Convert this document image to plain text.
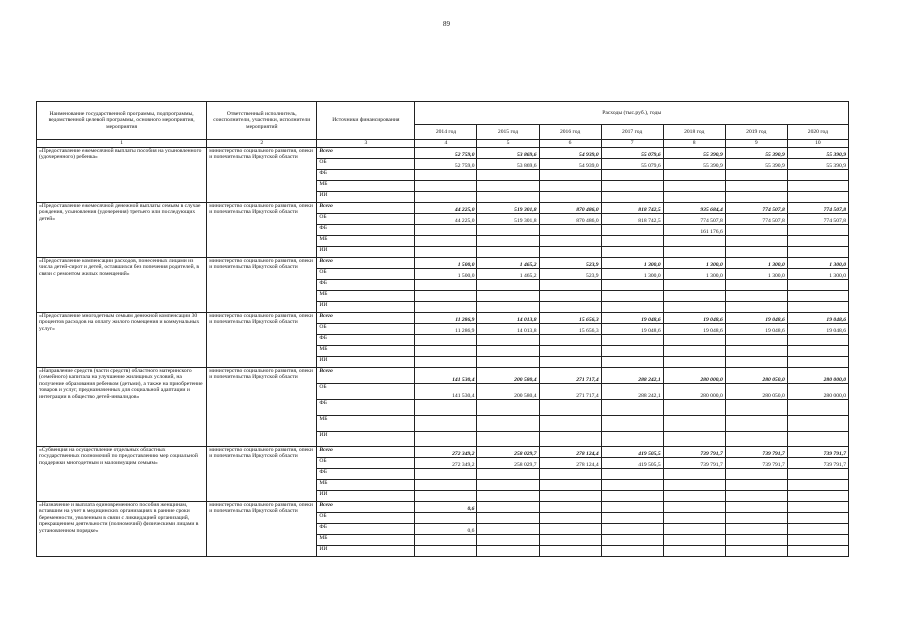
89
Наименование государственной программы, подпрограммы, ведомственной целевой программы, основного мероприятия, мероприятия	Ответственный исполнитель, соисполнители, участники, исполнители мероприятий	Источники финансирования	Расходы (тыс.руб.), годы						
			2014 год	2015 год	2016 год	2017 год	2018 год	2019 год	2020 год
1	2	3	4	5	6	7	8	9	10
«Предоставление ежемесячной выплаты пособия на усыновленного (удочеренного) ребенка»	министерство социального развития, опеки и попечительства Иркутской области	Всего	52 759,0	53 869,6	54 939,0	55 079,6	55 390,9	55 390,9	55 390,9
		ОБ	52 759,0	53 869,6	54 939,0	55 079,6	55 390,9	55 390,9	55 390,9
		ФБ							
		МБ							
		ИИ							
«Предоставление ежемесячной денежной выплаты семьям в случае рождения, усыновления (удочерения) третьего или последующих детей»	министерство социального развития, опеки и попечительства Иркутской области	Всего	44 225,0	519 301,8	870 486,0	818 742,5	935 684,4	774 507,8	774 507,8
		ОБ	44 225,0	519 301,8	870 486,0	818 742,5	774 507,8	774 507,8	774 507,8
		ФБ					161 176,6		
		МБ							
		ИИ							
«Предоставление компенсации расходов, понесенных лицами из числа детей-сирот и детей, оставшихся без попечения родителей, в связи с ремонтом жилых помещений»	министерство социального развития, опеки и попечительства Иркутской области	Всего	1 500,0	1 465,2	523,9	1 300,0	1 300,0	1 300,0	1 300,0
		ОБ	1 500,0	1 465,2	523,9	1 300,0	1 300,0	1 300,0	1 300,0
		ФБ							
		МБ							
		ИИ							
«Предоставление многодетным семьям денежной компенсации 30 процентов расходов на оплату жилого помещения и коммунальных услуг»	министерство социального развития, опеки и попечительства Иркутской области	Всего	11 286,9	14 013,8	15 656,3	19 048,6	19 048,6	19 048,6	19 048,6
		ОБ	11 286,9	14 013,8	15 656,3	19 048,6	19 048,6	19 048,6	19 048,6
		ФБ							
		МБ							
		ИИ							
«Направление средств (части средств) областного материнского (семейного) капитала на улучшение жилищных условий, на получение образования ребенком (детьми), а также на приобретение товаров и услуг, предназначенных для социальной адаптации и интеграции в общество детей-инвалидов»	министерство социального развития, опеки и попечительства Иркутской области	Всего	141 530,4	200 580,4	271 717,4	288 242,1	280 000,0	280 050,0	280 000,0
		ОБ	141 530,4	200 580,4	271 717,4	288 242,1	280 000,0	280 050,0	280 000,0
		ФБ							
		МБ							
		ИИ							
«Субвенция на осуществление отдельных областных государственных полномочий по предоставлению мер социальной поддержки многодетным и малоимущим семьям»	министерство социального развития, опеки и попечительства Иркутской области	Всего	272 349,2	258 029,7	278 124,4	419 505,5	739 791,7	739 791,7	739 791,7
		ОБ	272 349,2	258 029,7	278 124,4	419 505,5	739 791,7	739 791,7	739 791,7
		ФБ							
		МБ							
		ИИ							
«Назначение и выплата единовременного пособия женщинам, вставшим на учет в медицинских организациях в ранние сроки беременности, уволенным в связи с ликвидацией организаций, прекращением деятельности (полномочий) физическими лицами в установленном порядке»	министерство социального развития, опеки и попечительства Иркутской области	Всего	0,6						
		ОБ							
		ФБ	0,6						
		МБ							
		ИИ							
